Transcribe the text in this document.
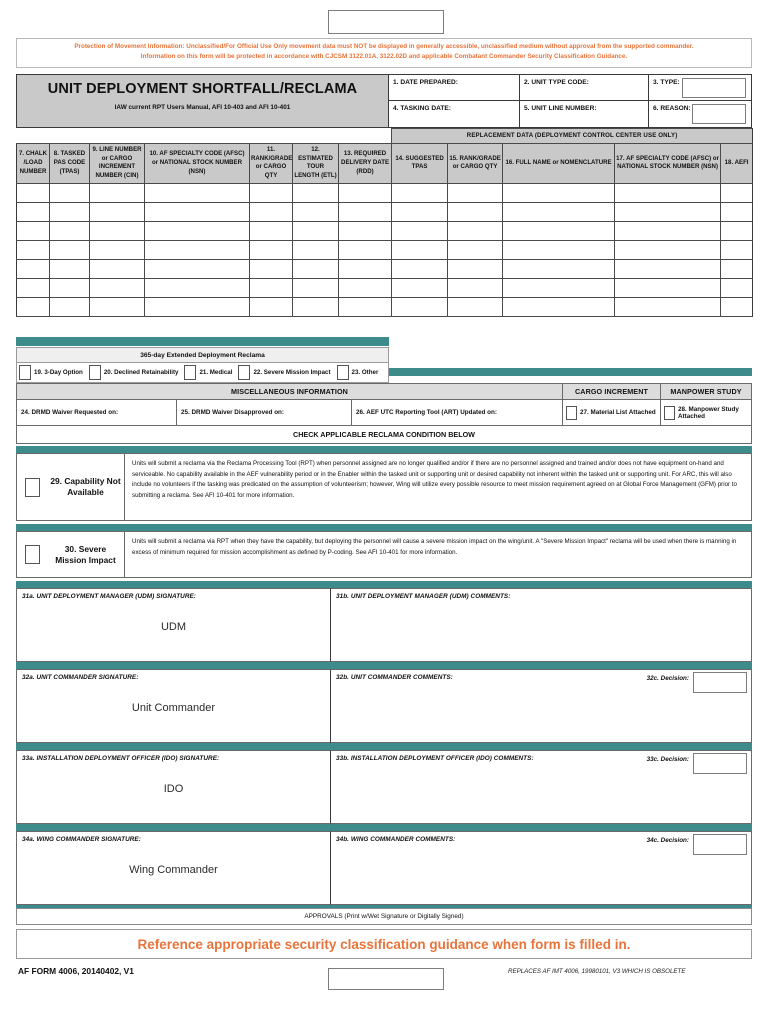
Protection of Movement Information: Unclassified/For Official Use Only movement data must NOT be displayed in generally accessible, unclassified medium without approval from the supported commander.
Information on this form will be protected in accordance with CJCSM 3122.01A, 3122.02D and applicable Combatant Commander Security Classification Guidance.
UNIT DEPLOYMENT SHORTFALL/RECLAMA
IAW current RPT Users Manual, AFI 10-403 and AFI 10-401
1. DATE PREPARED:	2. UNIT TYPE CODE:	3. TYPE:
4. TASKING DATE:	5. UNIT LINE NUMBER:	6. REASON:
							REPLACEMENT DATA (DEPLOYMENT CONTROL CENTER USE ONLY)				
7. CHALK /LOAD NUMBER	8. TASKED PAS CODE (TPAS)	9. LINE NUMBER or CARGO INCREMENT NUMBER (CIN)	10. AF SPECIALTY CODE (AFSC) or NATIONAL STOCK NUMBER (NSN)	11. RANK/GRADE or CARGO QTY	12. ESTIMATED TOUR LENGTH (ETL)	13. REQUIRED DELIVERY DATE (RDD)	14. SUGGESTED TPAS	15. RANK/GRADE or CARGO QTY	16. FULL NAME or NOMENCLATURE	17. AF SPECIALTY CODE (AFSC) or NATIONAL STOCK NUMBER (NSN)	18. AEFI

365-day Extended Deployment Reclama
19. 3-Day Option	20. Declined Retainability	21. Medical	22. Severe Mission Impact	23. Other
MISCELLANEOUS INFORMATION	CARGO INCREMENT	MANPOWER STUDY
24. DRMD Waiver Requested on:	25. DRMD Waiver Disapproved on:	26. AEF UTC Reporting Tool (ART) Updated on:	27. Material List Attached	28. Manpower Study Attached
CHECK APPLICABLE RECLAMA CONDITION BELOW
29. Capability Not Available
Units will submit a reclama via the Reclama Processing Tool (RPT) when personnel assigned are no longer qualified and/or if there are no personnel assigned and trained and/or does not have equipment on-hand and serviceable. No capability available in the AEF vulnerability period or in the Enabler within the tasked unit or supporting unit or desired capability not inherent within the tasked unit or supporting unit. For ARC, this will also include no volunteers if the tasking was predicated on the assumption of volunteerism; however, Wing will utilize every possible resource to meet mission requirement agreed on at Global Force Management (GFM) prior to submitting a reclama. See AFI 10-401 for more information.
30. Severe Mission Impact
Units will submit a reclama via RPT when they have the capability, but deploying the personnel will cause a severe mission impact on the wing/unit. A "Severe Mission Impact" reclama will be used when there is manning in excess of minimum required for mission accomplishment as defined by P-coding. See AFI 10-401 for more information.
31a. UNIT DEPLOYMENT MANAGER (UDM) SIGNATURE:
UDM
31b. UNIT DEPLOYMENT MANAGER (UDM) COMMENTS:
32a. UNIT COMMANDER SIGNATURE:
Unit Commander
32b. UNIT COMMANDER COMMENTS:	32c. Decision:
33a. INSTALLATION DEPLOYMENT OFFICER (IDO) SIGNATURE:
IDO
33b. INSTALLATION DEPLOYMENT OFFICER (IDO) COMMENTS:	33c. Decision:
34a. WING COMMANDER SIGNATURE:
Wing Commander
34b. WING COMMANDER COMMENTS:	34c. Decision:
APPROVALS (Print w/Wet Signature or Digitally Signed)
Reference appropriate security classification guidance when form is filled in.
AF FORM 4006, 20140402, V1	REPLACES AF IMT 4006, 19980101, V3 WHICH IS OBSOLETE
